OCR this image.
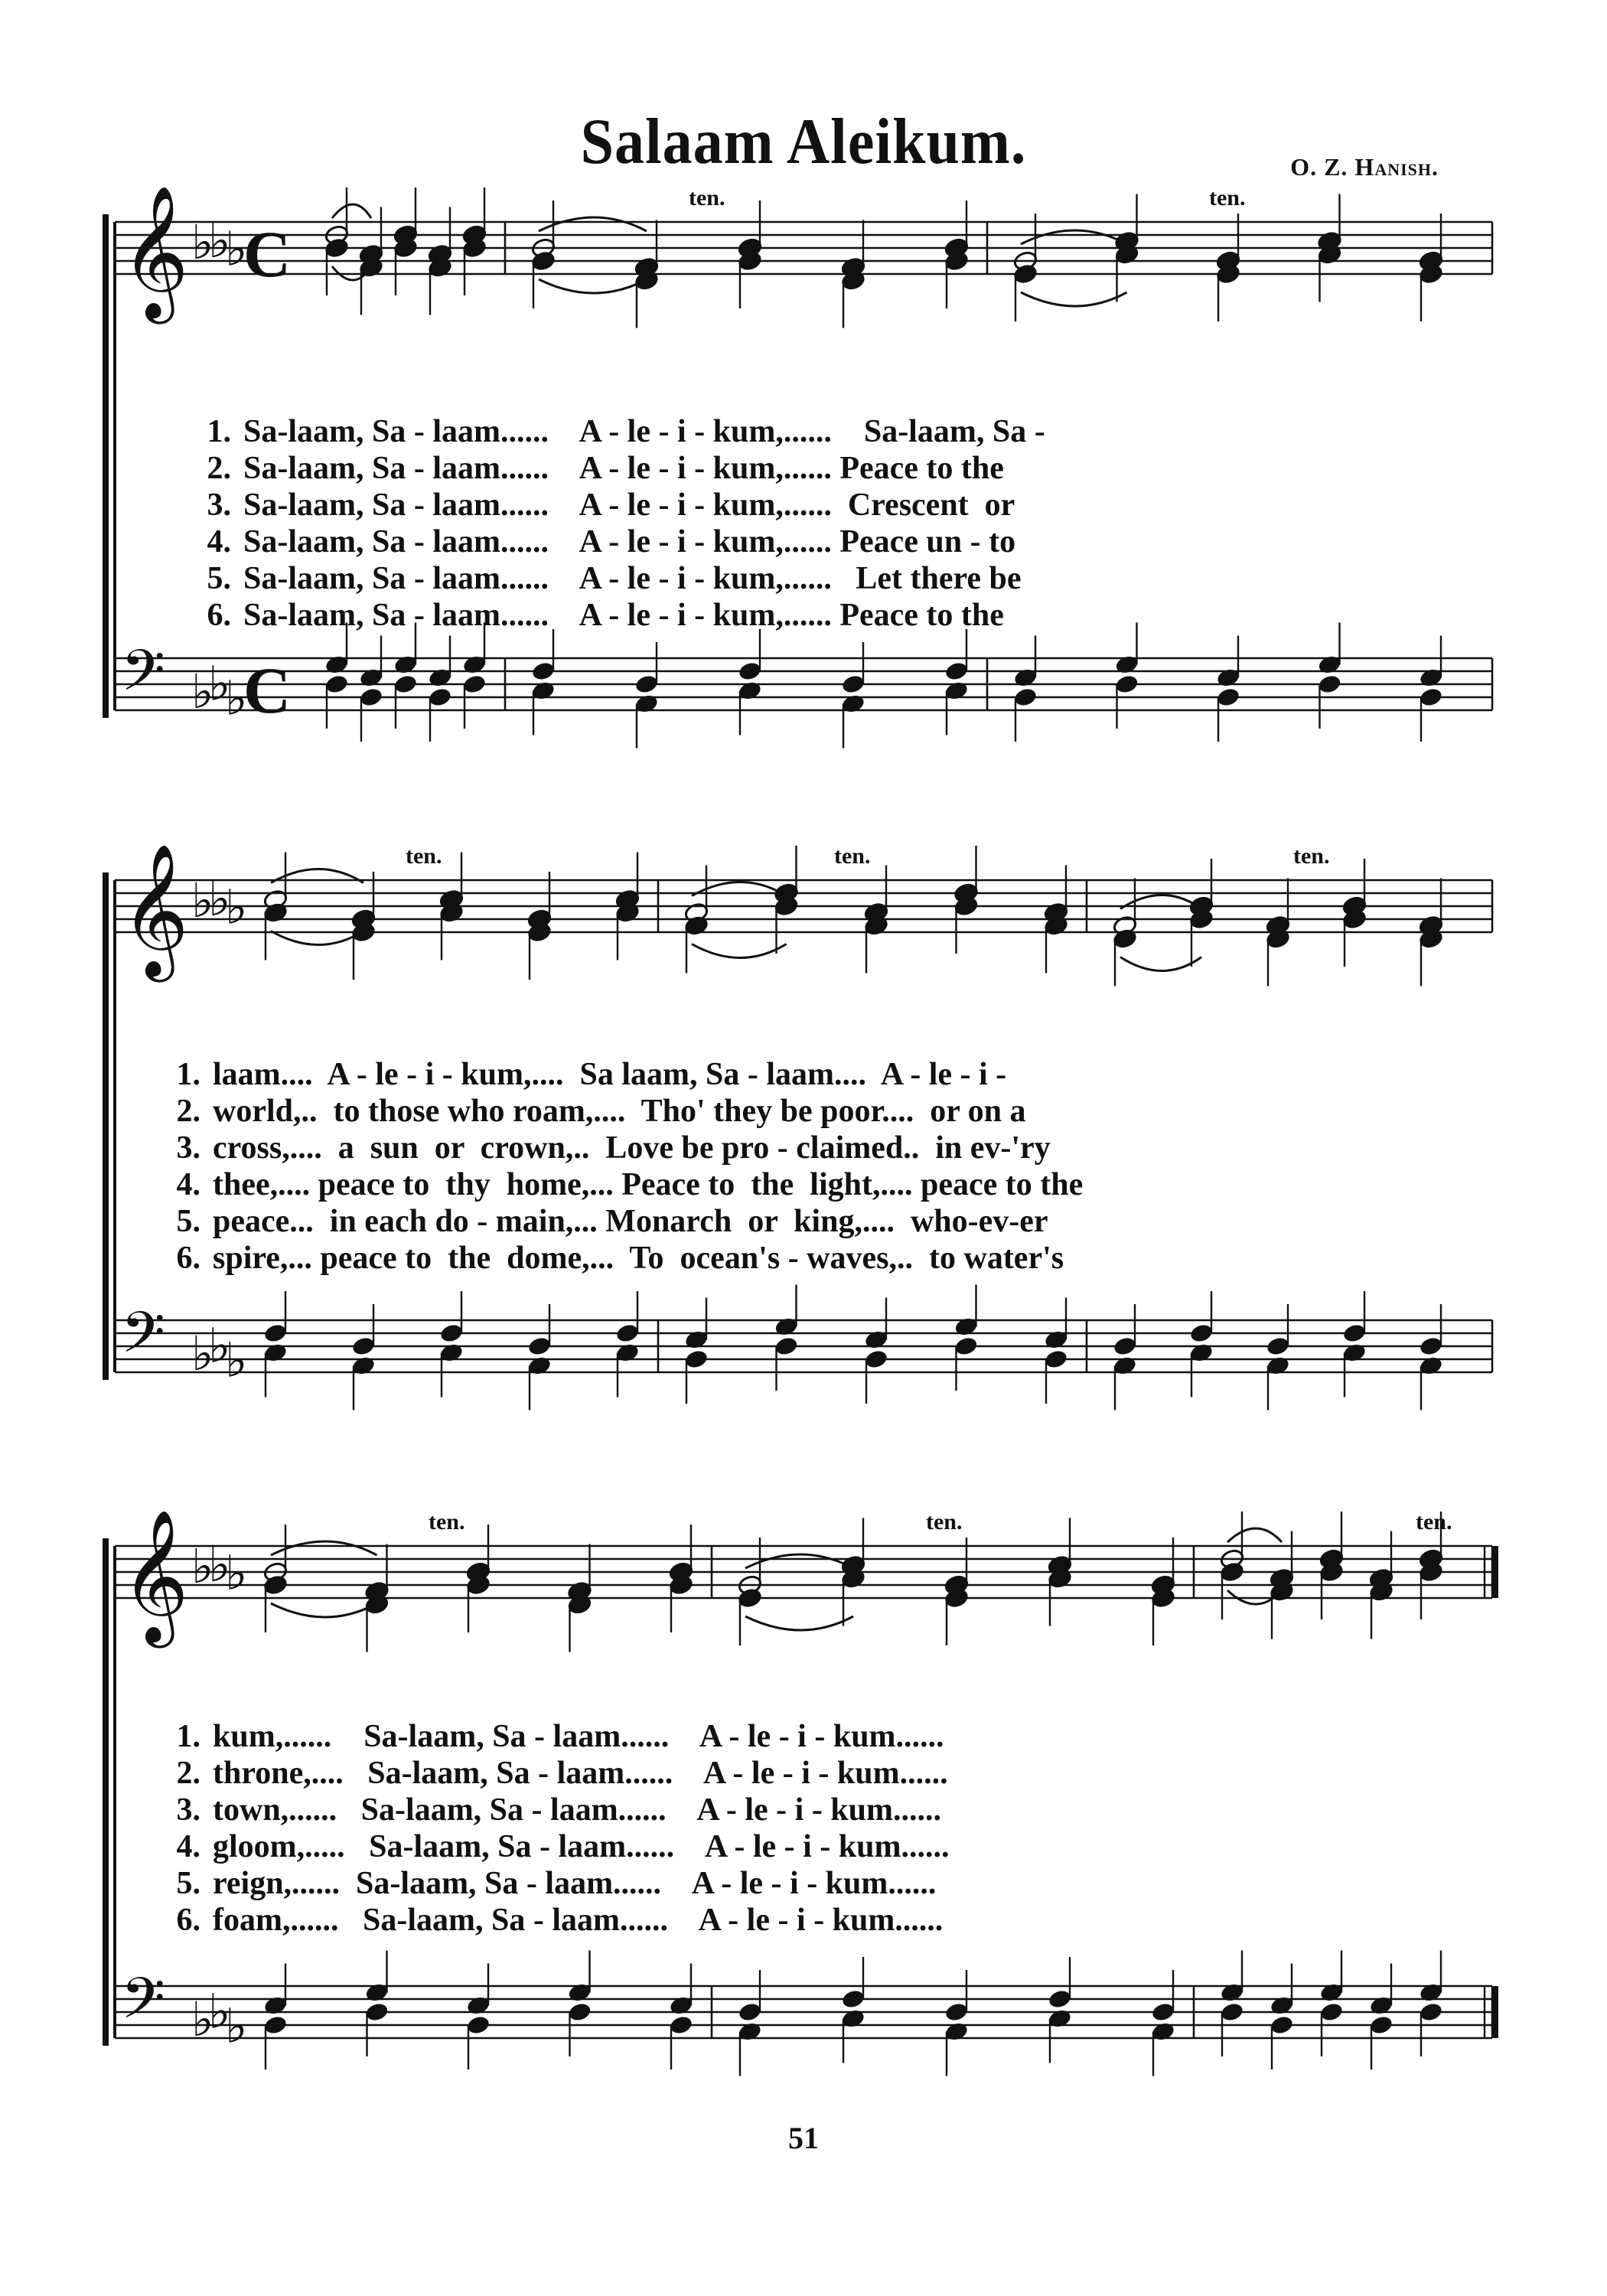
Salaam Aleikum.	O. Z. Hanish.
𝄞 ♭
♭
♭
C
𝄢 ♭
♭
♭
C
ten.	ten.
𝄞 ♭
♭
♭
𝄢 ♭
♭
♭
ten.	ten.	ten.
𝄞 ♭
♭
♭
𝄢 ♭
♭
♭
ten.	ten.	ten.
1. Sa-laam, Sa - laam......    A - le - i - kum,......    Sa-laam, Sa -
2. Sa-laam, Sa - laam......    A - le - i - kum,...... Peace to the
3. Sa-laam, Sa - laam......    A - le - i - kum,......  Crescent  or
4. Sa-laam, Sa - laam......    A - le - i - kum,...... Peace un - to
5. Sa-laam, Sa - laam......    A - le - i - kum,......   Let there be
6. Sa-laam, Sa - laam......    A - le - i - kum,...... Peace to the
1. laam....  A - le - i - kum,....  Sa laam, Sa - laam....  A - le - i -
2. world,..  to those who roam,....  Tho' they be poor....  or on a
3. cross,....  a  sun  or  crown,..  Love be pro - claimed..  in ev-'ry
4. thee,.... peace to  thy  home,... Peace to  the  light,.... peace to the
5. peace...  in each do - main,... Monarch  or  king,....  who-ev-er
6. spire,... peace to  the  dome,...  To  ocean's - waves,..  to water's
1. kum,......    Sa-laam, Sa - laam......    A - le - i - kum......
2. throne,....   Sa-laam, Sa - laam......    A - le - i - kum......
3. town,......   Sa-laam, Sa - laam......    A - le - i - kum......
4. gloom,.....   Sa-laam, Sa - laam......    A - le - i - kum......
5. reign,......  Sa-laam, Sa - laam......    A - le - i - kum......
6. foam,......   Sa-laam, Sa - laam......    A - le - i - kum......
51
